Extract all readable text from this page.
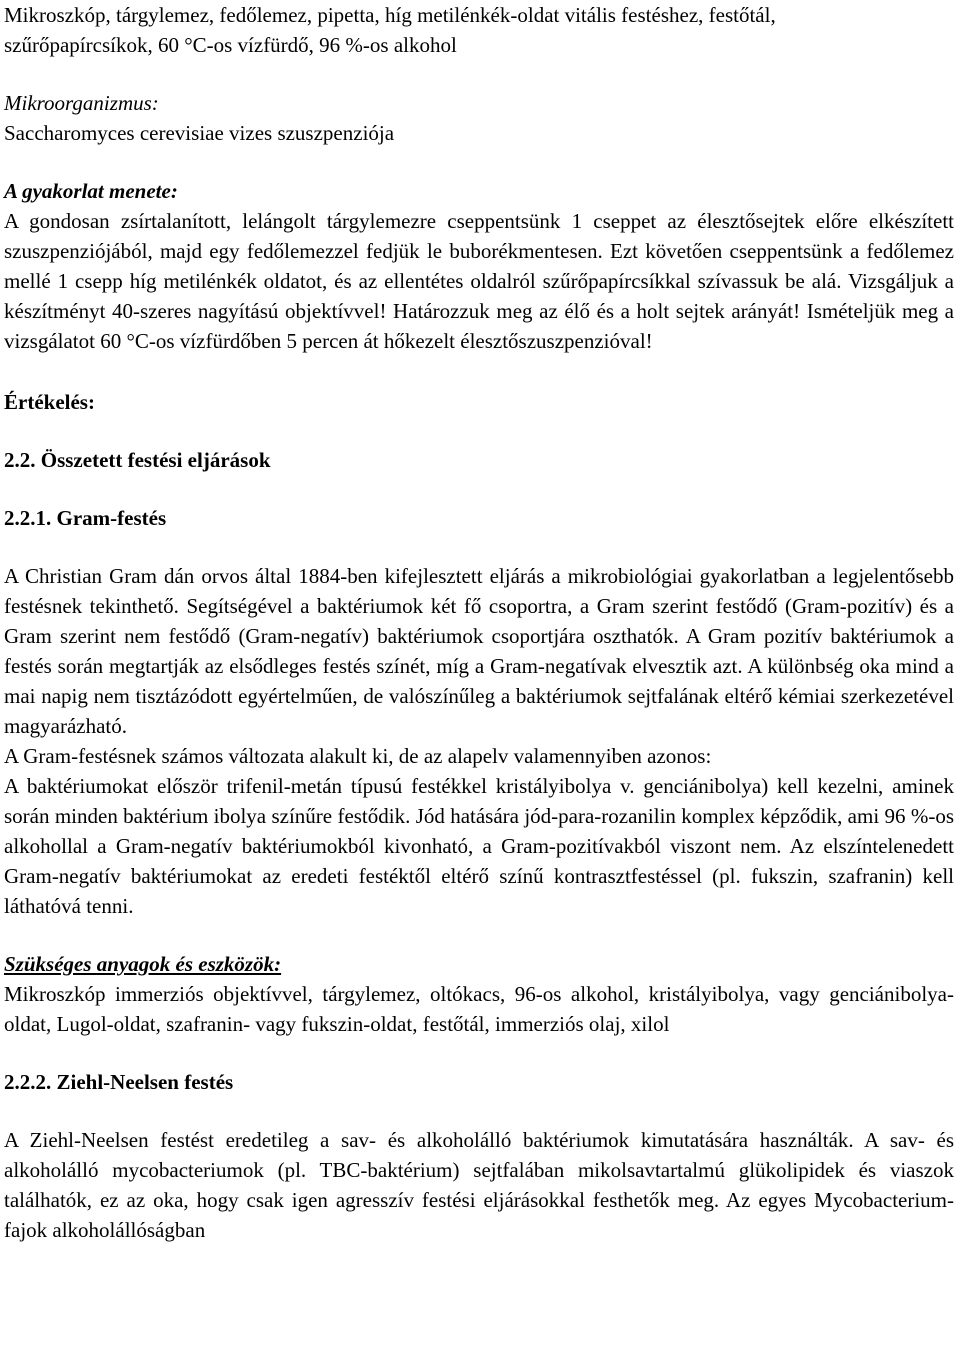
Mikroszkóp, tárgylemez, fedőlemez, pipetta, híg metilénkék-oldat vitális festéshez, festőtál,

szűrőpapírcsíkok, 60 °C-os vízfürdő, 96 %-os alkohol

Mikroorganizmus:

Saccharomyces cerevisiae vizes szuszpenziója

A gyakorlat menete:

A gondosan zsírtalanított, lelángolt tárgylemezre cseppentsünk 1 cseppet az élesztősejtek előre elkészített szuszpenziójából, majd egy fedőlemezzel fedjük le buborékmentesen. Ezt követően cseppentsünk a fedőlemez mellé 1 csepp híg metilénkék oldatot, és az ellentétes oldalról szűrőpapírcsíkkal szívassuk be alá. Vizsgáljuk a készítményt 40-szeres nagyítású objektívvel! Határozzuk meg az élő és a holt sejtek arányát! Ismételjük meg a vizsgálatot 60 °C-os vízfürdőben 5 percen át hőkezelt élesztőszuszpenzióval!

Értékelés:

2.2. Összetett festési eljárások

2.2.1. Gram-festés

A Christian Gram dán orvos által 1884-ben kifejlesztett eljárás a mikrobiológiai gyakorlatban a legjelentősebb festésnek tekinthető. Segítségével a baktériumok két fő csoportra, a Gram szerint festődő (Gram-pozitív) és a Gram szerint nem festődő (Gram-negatív) baktériumok csoportjára oszthatók. A Gram pozitív baktériumok a festés során megtartják az elsődleges festés színét, míg a Gram-negatívak elvesztik azt. A különbség oka mind a mai napig nem tisztázódott egyértelműen, de valószínűleg a baktériumok sejtfalának eltérő kémiai szerkezetével magyarázható.

A Gram-festésnek számos változata alakult ki, de az alapelv valamennyiben azonos:

A baktériumokat először trifenil-metán típusú festékkel kristályibolya v. genciánibolya) kell kezelni, aminek során minden baktérium ibolya színűre festődik. Jód hatására jód-para-rozanilin komplex képződik, ami 96 %-os alkohollal a Gram-negatív baktériumokból kivonható, a Gram-pozitívakból viszont nem. Az elszíntelenedett Gram-negatív baktériumokat az eredeti festéktől eltérő színű kontrasztfestéssel (pl. fukszin, szafranin) kell láthatóvá tenni.

Szükséges anyagok és eszközök:

Mikroszkóp immerziós objektívvel, tárgylemez, oltókacs, 96-os alkohol, kristályibolya, vagy genciánibolya-oldat, Lugol-oldat, szafranin- vagy fukszin-oldat, festőtál, immerziós olaj, xilol

2.2.2. Ziehl-Neelsen festés

A Ziehl-Neelsen festést eredetileg a sav- és alkoholálló baktériumok kimutatására használták. A sav- és alkoholálló mycobacteriumok (pl. TBC-baktérium) sejtfalában mikolsavtartalmú glükolipidek és viaszok találhatók, ez az oka, hogy csak igen agresszív festési eljárásokkal festhetők meg. Az egyes Mycobacterium-fajok alkoholállóságban
